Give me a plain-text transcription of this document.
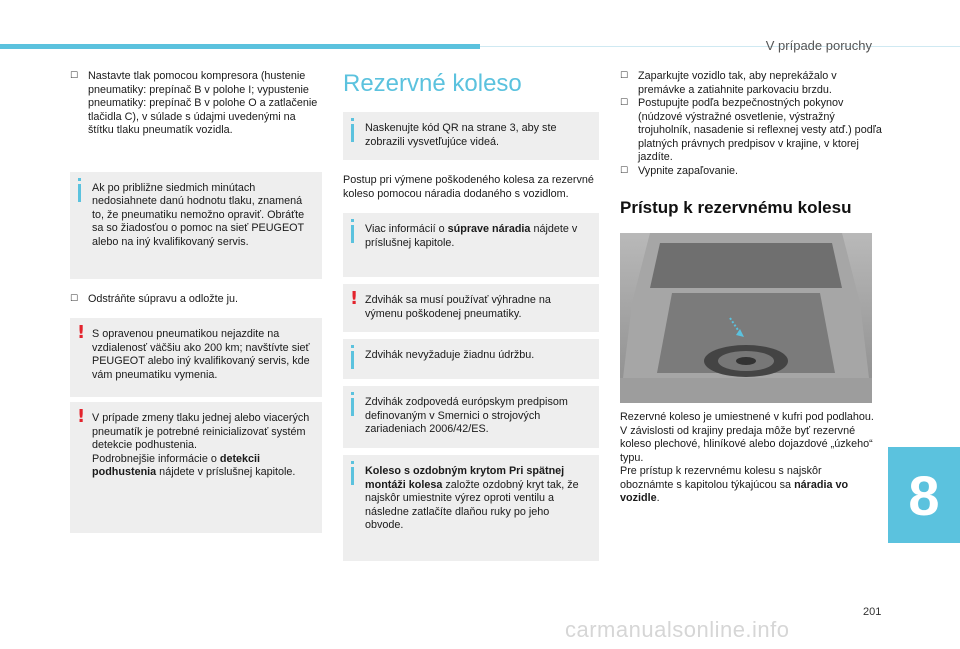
V prípade poruchy
☐ Nastavte tlak pomocou kompresora (hustenie pneumatiky: prepínač B v polohe I; vypustenie pneumatiky: prepínač B v polohe O a zatlačenie tlačidla C), v súlade s údajmi uvedenými na štítku tlaku pneumatík vozidla.
Ak po približne siedmich minútach nedosiahnete danú hodnotu tlaku, znamená to, že pneumatiku nemožno opraviť. Obráťte sa so žiadosťou o pomoc na sieť PEUGEOT alebo na iný kvalifikovaný servis.
☐ Odstráňte súpravu a odložte ju.
! S opravenou pneumatikou nejazdite na vzdialenosť väčšiu ako 200 km; navštívte sieť PEUGEOT alebo iný kvalifikovaný servis, kde vám pneumatiku vymenia.
! V prípade zmeny tlaku jednej alebo viacerých pneumatík je potrebné reinicializovať systém detekcie podhustenia.
Podrobnejšie informácie o detekcii podhustenia nájdete v príslušnej kapitole.
Rezervné koleso
Naskenujte kód QR na strane 3, aby ste zobrazili vysvetľujúce videá.
Postup pri výmene poškodeného kolesa za rezervné koleso pomocou náradia dodaného s vozidlom.
Viac informácií o súprave náradia nájdete v príslušnej kapitole.
! Zdvihák sa musí používať výhradne na výmenu poškodenej pneumatiky.
Zdvihák nevyžaduje žiadnu údržbu.
Zdvihák zodpovedá európskym predpisom definovaným v Smernici o strojových zariadeniach 2006/42/ES.
Koleso s ozdobným krytom Pri spätnej montáži kolesa založte ozdobný kryt tak, že najskôr umiestnite výrez oproti ventilu a následne zatlačíte dlaňou ruky po jeho obvode.
☐ Zaparkujte vozidlo tak, aby neprekážalo v premávke a zatiahnite parkovaciu brzdu.
☐ Postupujte podľa bezpečnostných pokynov (núdzové výstražné osvetlenie, výstražný trojuholník, nasadenie si reflexnej vesty atď.) podľa platných právnych predpisov v krajine, v ktorej jazdíte.
☐ Vypnite zapaľovanie.
Prístup k rezervnému kolesu
Rezervné koleso je umiestnené v kufri pod podlahou.
V závislosti od krajiny predaja môže byť rezervné koleso plechové, hliníkové alebo dojazdové „úzkeho“ typu.
Pre prístup k rezervnému kolesu s najskôr oboznámte s kapitolou týkajúcou sa náradia vo vozidle.	8
201
carmanualsonline.info
